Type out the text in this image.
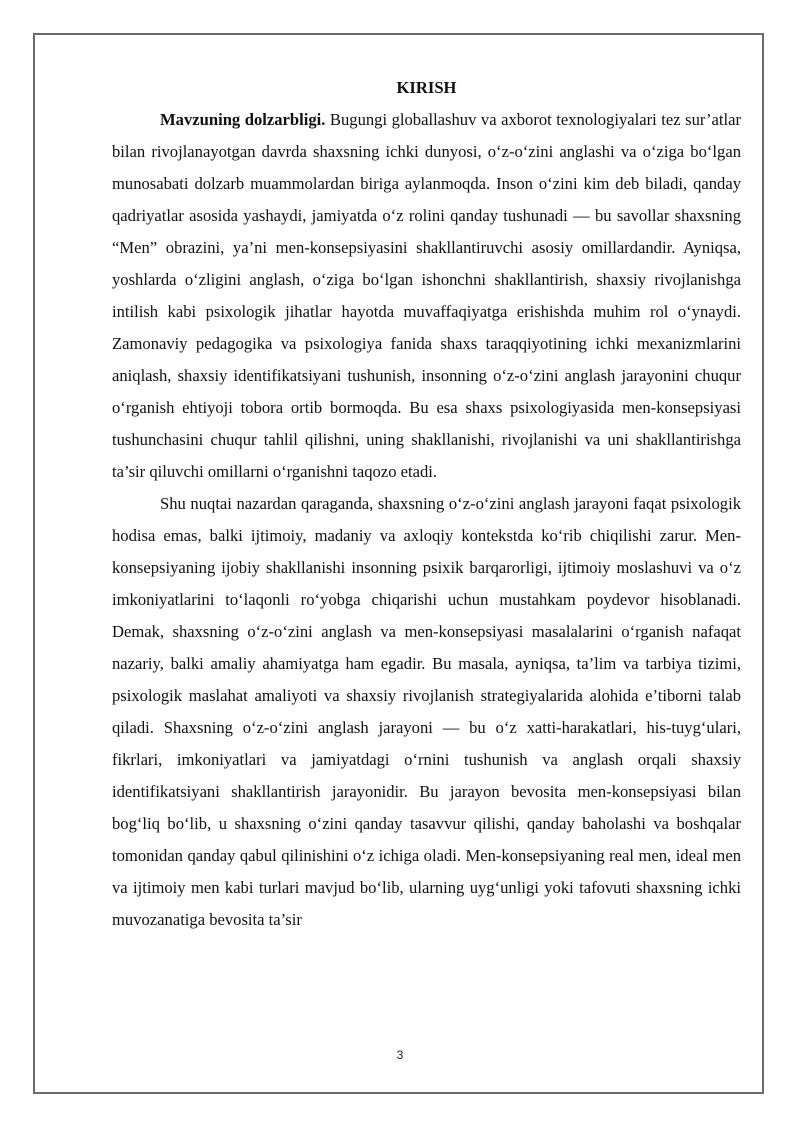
KIRISH

Mavzuning dolzarbligi. Bugungi globallashuv va axborot texnologiyalari tez sur’atlar bilan rivojlanayotgan davrda shaxsning ichki dunyosi, o‘z-o‘zini anglashi va o‘ziga bo‘lgan munosabati dolzarb muammolardan biriga aylanmoqda. Inson o‘zini kim deb biladi, qanday qadriyatlar asosida yashaydi, jamiyatda o‘z rolini qanday tushunadi — bu savollar shaxsning “Men” obrazini, ya’ni men-konsepsiyasini shakllantiruvchi asosiy omillardandir. Ayniqsa, yoshlarda o‘zligini anglash, o‘ziga bo‘lgan ishonchni shakllantirish, shaxsiy rivojlanishga intilish kabi psixologik jihatlar hayotda muvaffaqiyatga erishishda muhim rol o‘ynaydi. Zamonaviy pedagogika va psixologiya fanida shaxs taraqqiyotining ichki mexanizmlarini aniqlash, shaxsiy identifikatsiyani tushunish, insonning o‘z-o‘zini anglash jarayonini chuqur o‘rganish ehtiyoji tobora ortib bormoqda. Bu esa shaxs psixologiyasida men-konsepsiyasi tushunchasini chuqur tahlil qilishni, uning shakllanishi, rivojlanishi va uni shakllantirishga ta’sir qiluvchi omillarni o‘rganishni taqozo etadi.

Shu nuqtai nazardan qaraganda, shaxsning o‘z-o‘zini anglash jarayoni faqat psixologik hodisa emas, balki ijtimoiy, madaniy va axloqiy kontekstda ko‘rib chiqilishi zarur. Men-konsepsiyaning ijobiy shakllanishi insonning psixik barqarorligi, ijtimoiy moslashuvi va o‘z imkoniyatlarini to‘laqonli ro‘yobga chiqarishi uchun mustahkam poydevor hisoblanadi. Demak, shaxsning o‘z-o‘zini anglash va men-konsepsiyasi masalalarini o‘rganish nafaqat nazariy, balki amaliy ahamiyatga ham egadir. Bu masala, ayniqsa, ta’lim va tarbiya tizimi, psixologik maslahat amaliyoti va shaxsiy rivojlanish strategiyalarida alohida e’tiborni talab qiladi. Shaxsning o‘z-o‘zini anglash jarayoni — bu o‘z xatti-harakatlari, his-tuyg‘ulari, fikrlari, imkoniyatlari va jamiyatdagi o‘rnini tushunish va anglash orqali shaxsiy identifikatsiyani shakllantirish jarayonidir. Bu jarayon bevosita men-konsepsiyasi bilan bog‘liq bo‘lib, u shaxsning o‘zini qanday tasavvur qilishi, qanday baholashi va boshqalar tomonidan qanday qabul qilinishini o‘z ichiga oladi. Men-konsepsiyaning real men, ideal men va ijtimoiy men kabi turlari mavjud bo‘lib, ularning uyg‘unligi yoki tafovuti shaxsning ichki muvozanatiga bevosita ta’sir

3
